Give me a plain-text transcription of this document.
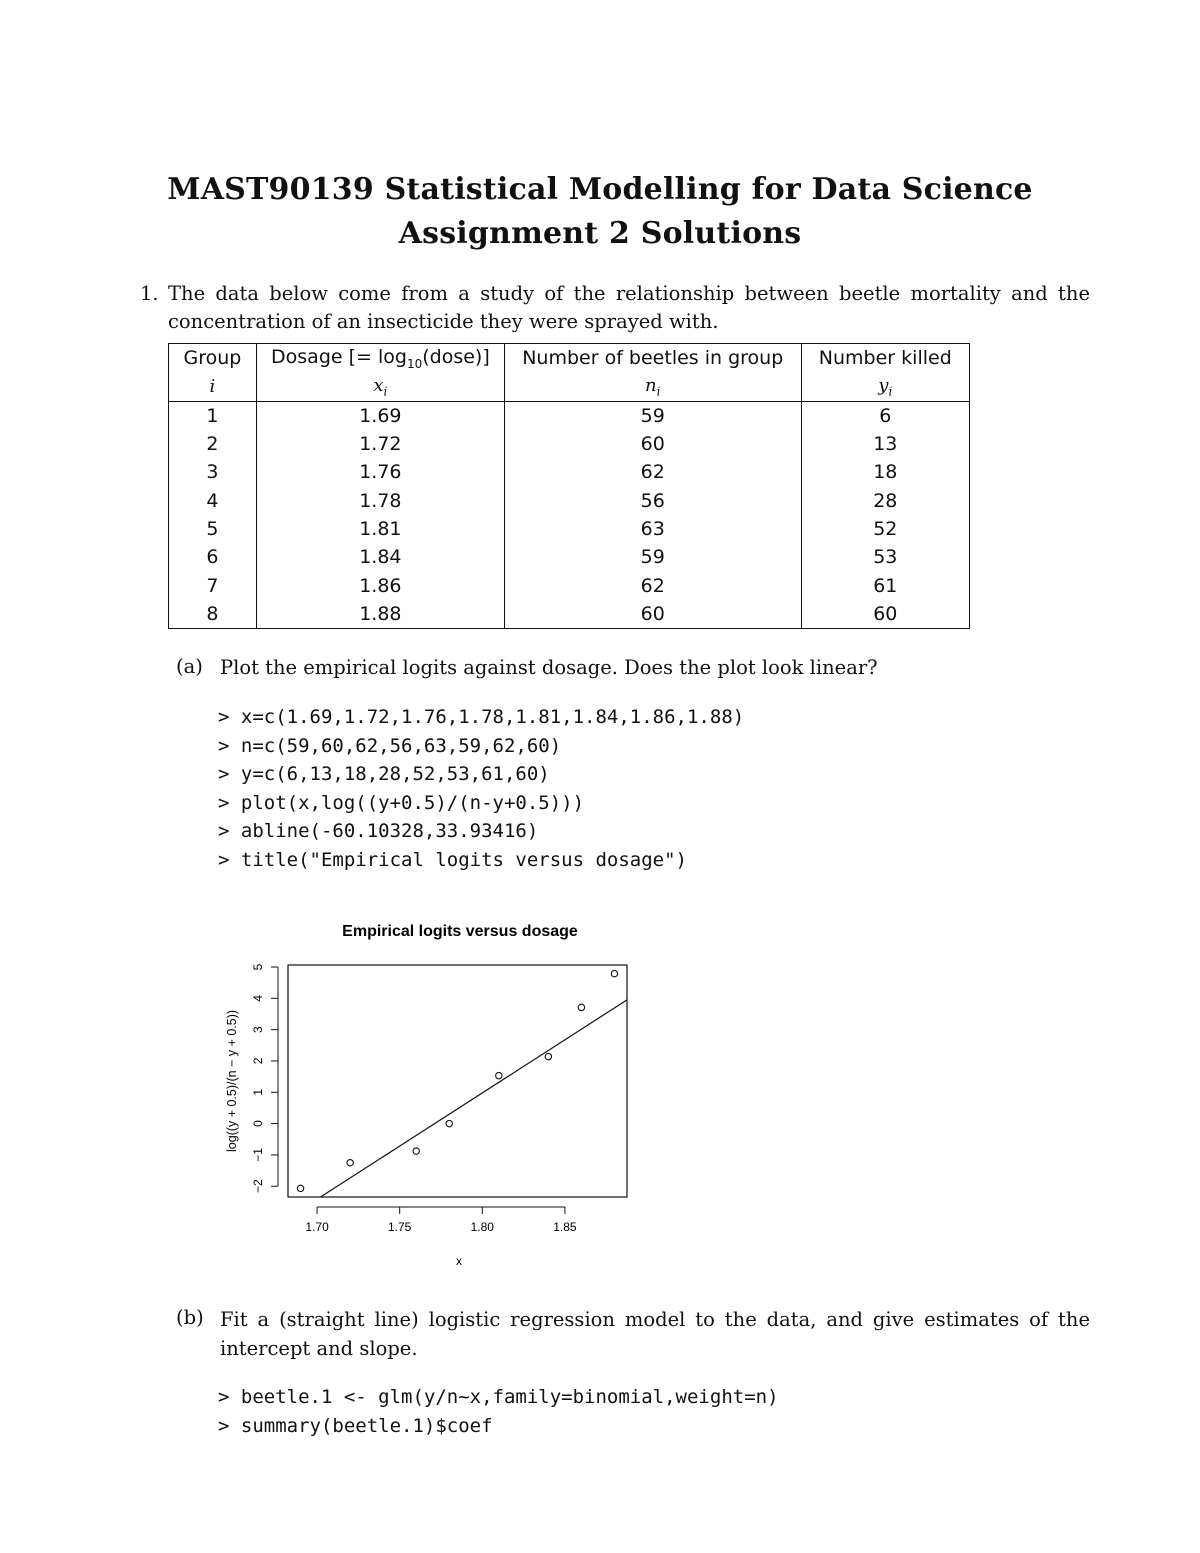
MAST90139 Statistical Modelling for Data Science
Assignment 2 Solutions
1. The data below come from a study of the relationship between beetle mortality and the concentration of an insecticide they were sprayed with.
Group	Dosage [= $\log_{10}(dose)$]	Number of beetles in group	Number killed
i	$x_i$	$n_i$	$y_i$
1	1.69	59	6
2	1.72	60	13
3	1.76	62	18
4	1.78	56	28
5	1.81	63	52
6	1.84	59	53
7	1.86	62	61
8	1.88	60	60
(a) Plot the empirical logits against dosage. Does the plot look linear?
> x=c(1.69,1.72,1.76,1.78,1.81,1.84,1.86,1.88)
> n=c(59,60,62,56,63,59,62,60)
> y=c(6,13,18,28,52,53,61,60)
> plot(x,log((y+0.5)/(n-y+0.5)))
> abline(-60.10328,33.93416)
> title("Empirical logits versus dosage")
Empirical logits versus dosage
1.70	1.75	1.80	1.85
−2
−1
0
1
2
3
4
5
x
log((y + 0.5)/(n − y + 0.5))
(b) Fit a (straight line) logistic regression model to the data, and give estimates of the
intercept and slope.
> beetle.1 <- glm(y/n~x,family=binomial,weight=n)
> summary(beetle.1)$coef
